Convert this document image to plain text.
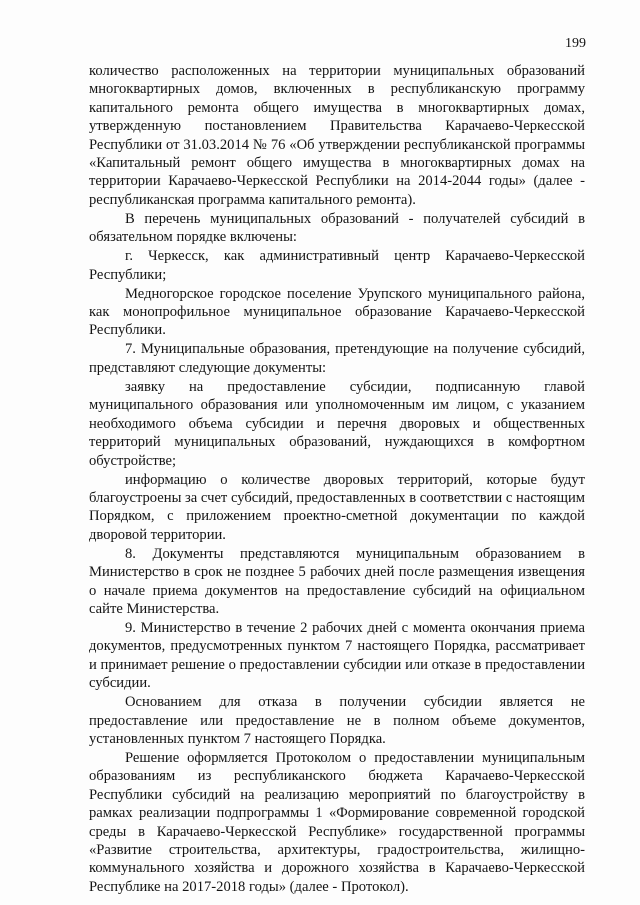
199

количество расположенных на территории муниципальных образований многоквартирных домов, включенных в республиканскую программу капитального ремонта общего имущества в многоквартирных домах, утвержденную постановлением Правительства Карачаево-Черкесской Республики от 31.03.2014 № 76 «Об утверждении республиканской программы «Капитальный ремонт общего имущества в многоквартирных домах на территории Карачаево-Черкесской Республики на 2014-2044 годы» (далее - республиканская программа капитального ремонта).

В перечень муниципальных образований - получателей субсидий в обязательном порядке включены:

г. Черкесск, как административный центр Карачаево-Черкесской Республики;

Медногорское городское поселение Урупского муниципального района, как монопрофильное муниципальное образование Карачаево-Черкесской Республики.

7. Муниципальные образования, претендующие на получение субсидий, представляют следующие документы:

заявку на предоставление субсидии, подписанную главой муниципального образования или уполномоченным им лицом, с указанием необходимого объема субсидии и перечня дворовых и общественных территорий муниципальных образований, нуждающихся в комфортном обустройстве;

информацию о количестве дворовых территорий, которые будут благоустроены за счет субсидий, предоставленных в соответствии с настоящим Порядком, с приложением проектно-сметной документации по каждой дворовой территории.

8. Документы представляются муниципальным образованием в Министерство в срок не позднее 5 рабочих дней после размещения извещения о начале приема документов на предоставление субсидий на официальном сайте Министерства.

9. Министерство в течение 2 рабочих дней с момента окончания приема документов, предусмотренных пунктом 7 настоящего Порядка, рассматривает и принимает решение о предоставлении субсидии или отказе в предоставлении субсидии.

Основанием для отказа в получении субсидии является не предоставление или предоставление не в полном объеме документов, установленных пунктом 7 настоящего Порядка.

Решение оформляется Протоколом о предоставлении муниципальным образованиям из республиканского бюджета Карачаево-Черкесской Республики субсидий на реализацию мероприятий по благоустройству в рамках реализации подпрограммы 1 «Формирование современной городской среды в Карачаево-Черкесской Республике» государственной программы «Развитие строительства, архитектуры, градостроительства, жилищно-коммунального хозяйства и дорожного хозяйства в Карачаево-Черкесской Республике на 2017-2018 годы» (далее - Протокол).
